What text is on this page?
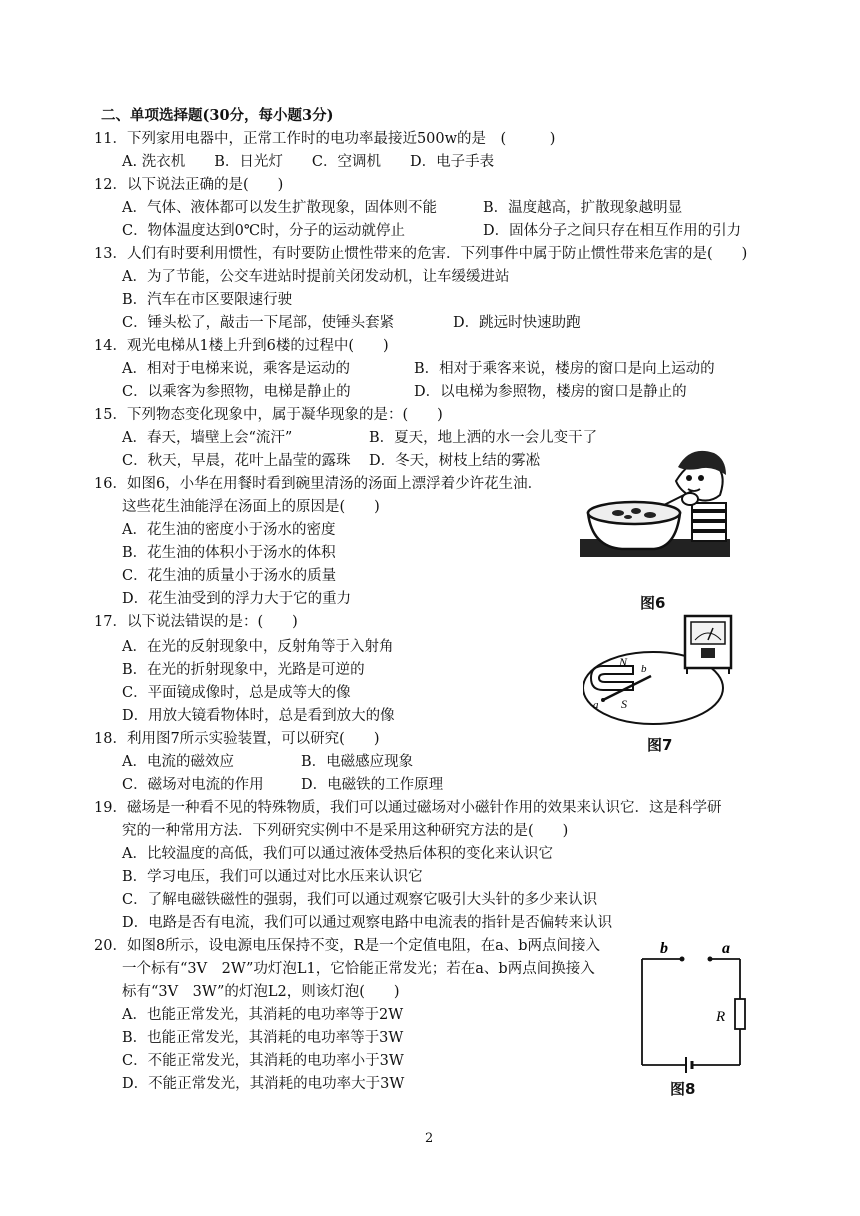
二、单项选择题(30分，每小题3分)
11．下列家用电器中，正常工作时的电功率最接近500w的是　(　　　)
A. 洗衣机　　B．日光灯　　C．空调机　　D．电子手表
12．以下说法正确的是(　　)
A．气体、液体都可以发生扩散现象，固体则不能	B．温度越高，扩散现象越明显
C．物体温度达到0℃时，分子的运动就停止	D．固体分子之间只存在相互作用的引力
13．人们有时要利用惯性，有时要防止惯性带来的危害．下列事件中属于防止惯性带来危害的是(　　)
A．为了节能，公交车进站时提前关闭发动机，让车缓缓进站
B．汽车在市区要限速行驶
C．锤头松了，敲击一下尾部，使锤头套紧	D．跳远时快速助跑
14．观光电梯从1楼上升到6楼的过程中(　　)
A．相对于电梯来说，乘客是运动的	B．相对于乘客来说，楼房的窗口是向上运动的
C．以乘客为参照物，电梯是静止的	D．以电梯为参照物，楼房的窗口是静止的
15．下列物态变化现象中，属于凝华现象的是：(　　)
A．春天，墙壁上会“流汗”	B．夏天，地上洒的水一会儿变干了
C．秋天，早晨，花叶上晶莹的露珠 D．冬天，树枝上结的雾凇
16．如图6，小华在用餐时看到碗里清汤的汤面上漂浮着少许花生油．
这些花生油能浮在汤面上的原因是(　　)
A．花生油的密度小于汤水的密度
B．花生油的体积小于汤水的体积
C．花生油的质量小于汤水的质量
D．花生油受到的浮力大于它的重力
17．以下说法错误的是：(　　)
A．在光的反射现象中，反射角等于入射角
B．在光的折射现象中，光路是可逆的
C．平面镜成像时，总是成等大的像
D．用放大镜看物体时，总是看到放大的像
18．利用图7所示实验装置，可以研究(　　)
A．电流的磁效应	B．电磁感应现象
C．磁场对电流的作用	D．电磁铁的工作原理
19．磁场是一种看不见的特殊物质，我们可以通过磁场对小磁针作用的效果来认识它．这是科学研
究的一种常用方法．下列研究实例中不是采用这种研究方法的是(　　)
A．比较温度的高低，我们可以通过液体受热后体积的变化来认识它
B．学习电压，我们可以通过对比水压来认识它
C．了解电磁铁磁性的强弱，我们可以通过观察它吸引大头针的多少来认识
D．电路是否有电流，我们可以通过观察电路中电流表的指针是否偏转来认识
20．如图8所示，设电源电压保持不变，R是一个定值电阻，在a、b两点间接入
一个标有“3V　2W”功灯泡L1，它恰能正常发光；若在a、b两点间换接入
标有“3V　3W”的灯泡L2，则该灯泡(　　)
A．也能正常发光，其消耗的电功率等于2W
B．也能正常发光，其消耗的电功率等于3W
C．不能正常发光，其消耗的电功率小于3W
D．不能正常发光，其消耗的电功率大于3W
图6
N
S
a
b
图7
b	a
R
图8
2
